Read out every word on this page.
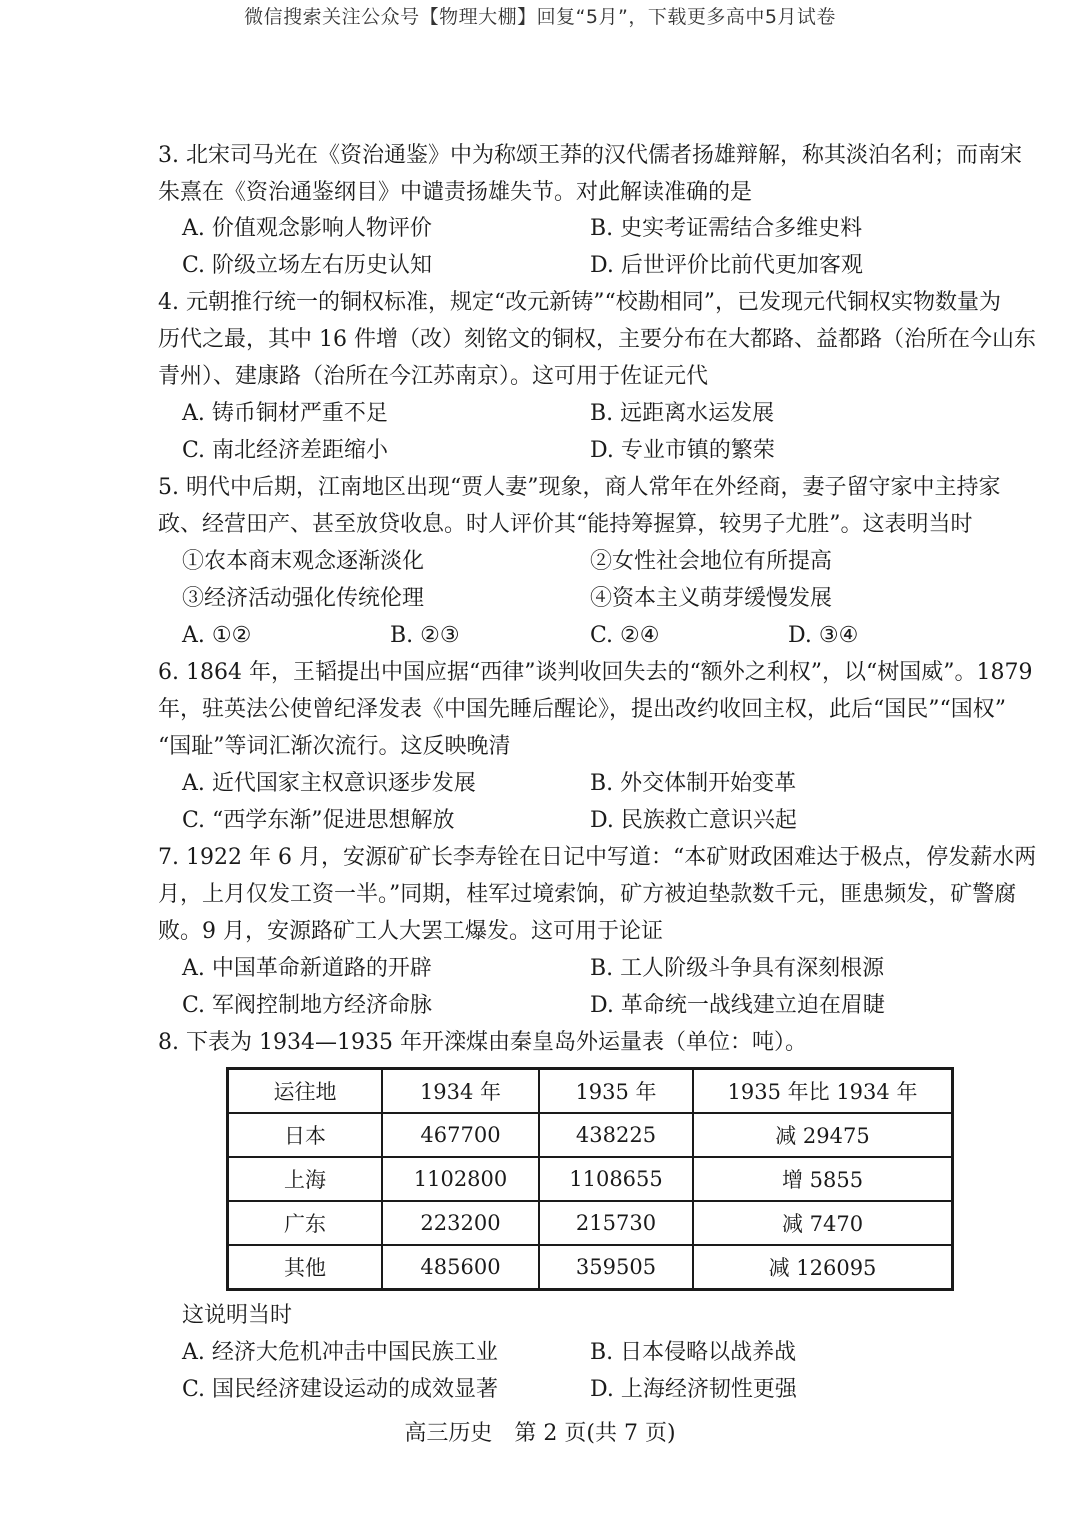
微信搜索关注公众号【物理大棚】回复“5月”，下载更多高中5月试卷
3. 北宋司马光在《资治通鉴》中为称颂王莽的汉代儒者扬雄辩解，称其淡泊名利；而南宋
朱熹在《资治通鉴纲目》中谴责扬雄失节。对此解读准确的是
A. 价值观念影响人物评价	B. 史实考证需结合多维史料
C. 阶级立场左右历史认知	D. 后世评价比前代更加客观
4. 元朝推行统一的铜权标准，规定“改元新铸”“校勘相同”，已发现元代铜权实物数量为
历代之最，其中 16 件增（改）刻铭文的铜权，主要分布在大都路、益都路（治所在今山东
青州）、建康路（治所在今江苏南京）。这可用于佐证元代
A. 铸币铜材严重不足	B. 远距离水运发展
C. 南北经济差距缩小	D. 专业市镇的繁荣
5. 明代中后期，江南地区出现“贾人妻”现象，商人常年在外经商，妻子留守家中主持家
政、经营田产、甚至放贷收息。时人评价其“能持筹握算，较男子尤胜”。这表明当时
①农本商末观念逐渐淡化	②女性社会地位有所提高
③经济活动强化传统伦理	④资本主义萌芽缓慢发展
A. ①②	B. ②③	C. ②④	D. ③④
6. 1864 年，王韬提出中国应据“西律”谈判收回失去的“额外之利权”，以“树国威”。1879
年，驻英法公使曾纪泽发表《中国先睡后醒论》，提出改约收回主权，此后“国民”“国权”
“国耻”等词汇渐次流行。这反映晚清
A. 近代国家主权意识逐步发展	B. 外交体制开始变革
C. “西学东渐”促进思想解放	D. 民族救亡意识兴起
7. 1922 年 6 月，安源矿矿长李寿铨在日记中写道：“本矿财政困难达于极点，停发薪水两
月，上月仅发工资一半。”同期，桂军过境索饷，矿方被迫垫款数千元，匪患频发，矿警腐
败。9 月，安源路矿工人大罢工爆发。这可用于论证
A. 中国革命新道路的开辟	B. 工人阶级斗争具有深刻根源
C. 军阀控制地方经济命脉	D. 革命统一战线建立迫在眉睫
8. 下表为 1934—1935 年开滦煤由秦皇岛外运量表（单位：吨）。
运往地	1934 年	1935 年	1935 年比 1934 年
日本	467700	438225	减 29475
上海	1102800	1108655	增 5855
广东	223200	215730	减 7470
其他	485600	359505	减 126095
这说明当时
A. 经济大危机冲击中国民族工业	B. 日本侵略以战养战
C. 国民经济建设运动的成效显著	D. 上海经济韧性更强
高三历史　第 2 页(共 7 页)
